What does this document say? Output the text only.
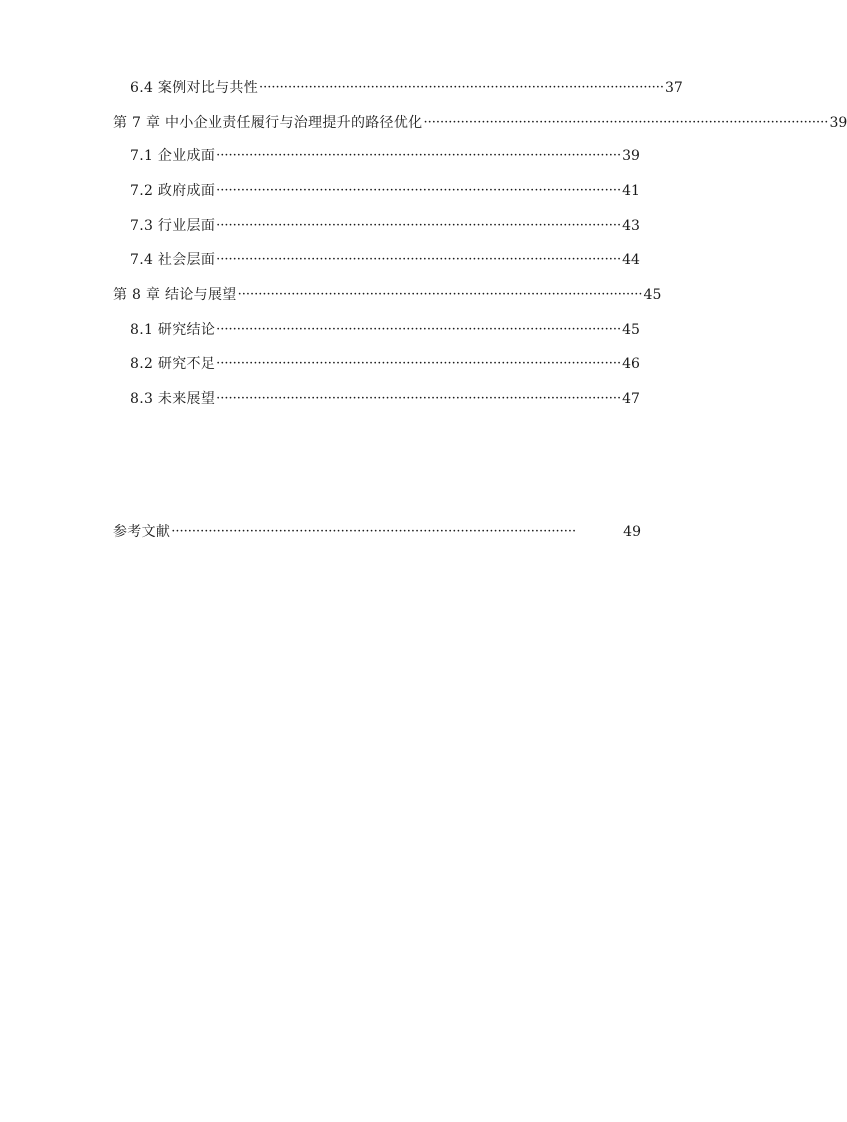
6.4 案例对比与共性 ·································································································· 37
第 7 章 中小企业责任履行与治理提升的路径优化 ·································································································· 39
7.1 企业成面 ·································································································· 39
7.2 政府成面 ·································································································· 41
7.3 行业层面 ·································································································· 43
7.4 社会层面 ·································································································· 44
第 8 章 结论与展望 ·································································································· 45
8.1 研究结论 ·································································································· 45
8.2 研究不足 ·································································································· 46
8.3 未来展望 ·································································································· 47
参考文献 ··································································································	49
